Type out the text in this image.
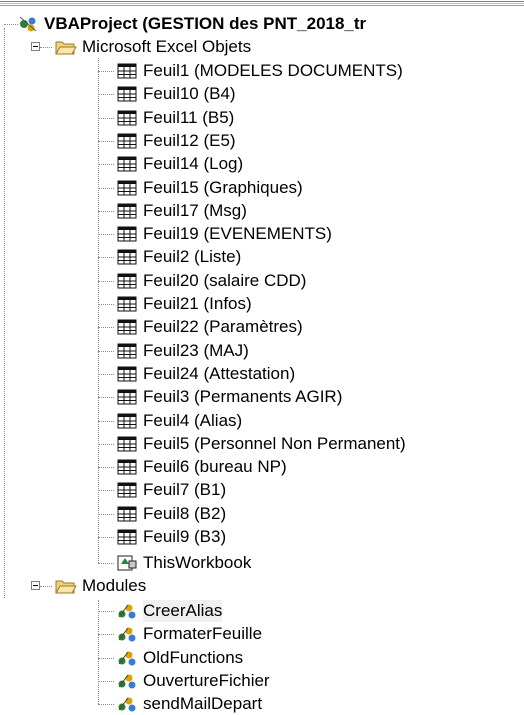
VBAProject (GESTION des PNT_2018_tr
Microsoft Excel Objets
Feuil1 (MODELES DOCUMENTS)
Feuil10 (B4)
Feuil11 (B5)
Feuil12 (E5)
Feuil14 (Log)
Feuil15 (Graphiques)
Feuil17 (Msg)
Feuil19 (EVENEMENTS)
Feuil2 (Liste)
Feuil20 (salaire CDD)
Feuil21 (Infos)
Feuil22 (Paramètres)
Feuil23 (MAJ)
Feuil24 (Attestation)
Feuil3 (Permanents AGIR)
Feuil4 (Alias)
Feuil5 (Personnel Non Permanent)
Feuil6 (bureau NP)
Feuil7 (B1)
Feuil8 (B2)
Feuil9 (B3)
ThisWorkbook
Modules
CreerAlias
FormaterFeuille
OldFunctions
OuvertureFichier
sendMailDepart
